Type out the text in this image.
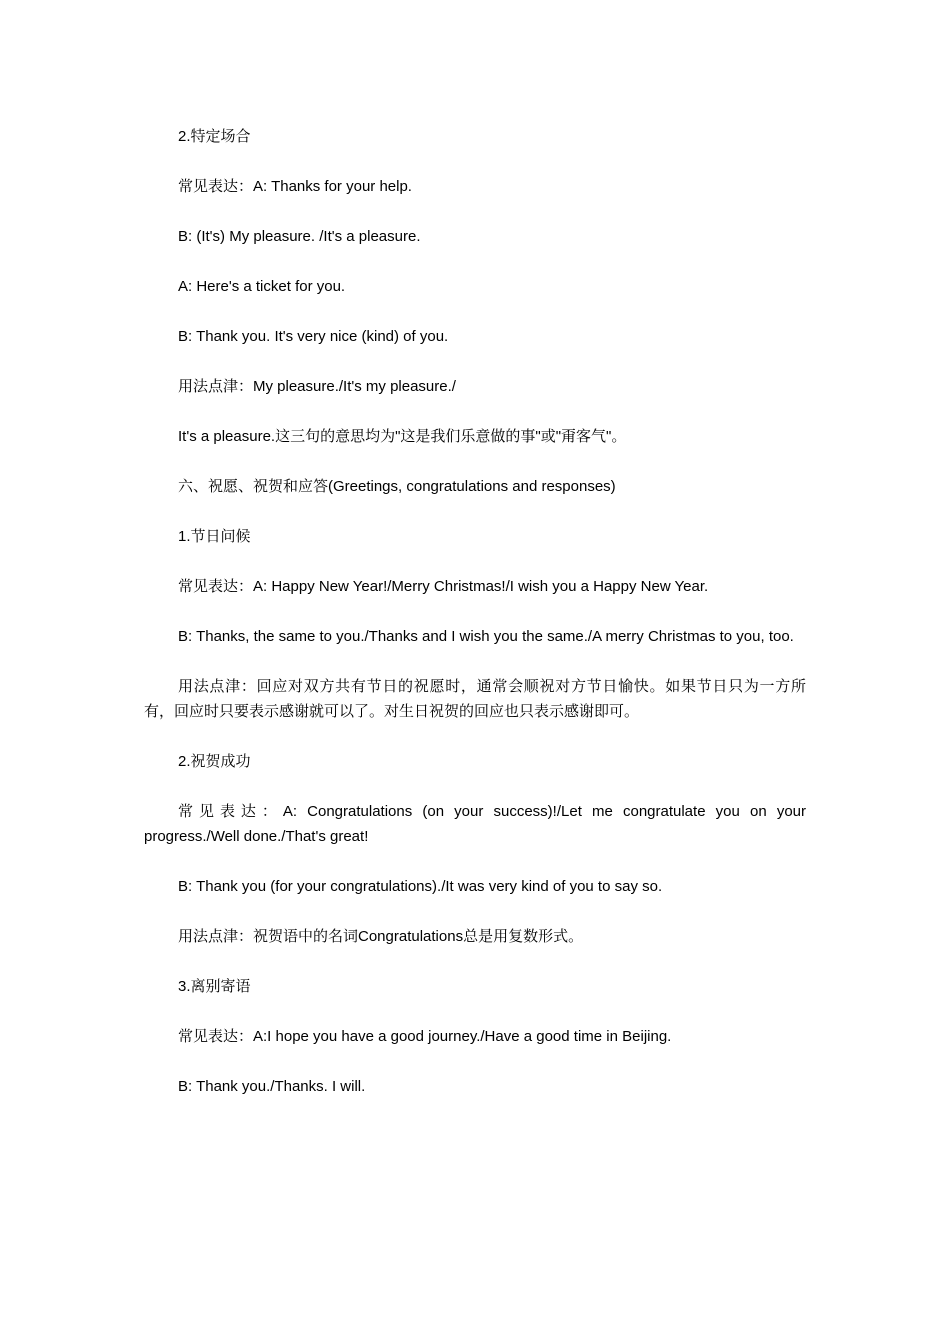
2.特定场合

常见表达：A: Thanks for your help.

B: (It's) My pleasure. /It's a pleasure.

A: Here's a ticket for you.

B: Thank you. It's very nice (kind) of you.

用法点津：My pleasure./It's my pleasure./

It's a pleasure.这三句的意思均为"这是我们乐意做的事"或"甭客气"。

六、祝愿、祝贺和应答(Greetings, congratulations and responses)

1.节日问候

常见表达：A: Happy New Year!/Merry Christmas!/I wish you a Happy New Year.

B: Thanks, the same to you./Thanks and I wish you the same./A merry Christmas to you, too.

用法点津：回应对双方共有节日的祝愿时，通常会顺祝对方节日愉快。如果节日只为一方所有，回应时只要表示感谢就可以了。对生日祝贺的回应也只表示感谢即可。

2.祝贺成功

常见表达：A: Congratulations (on your success)!/Let me congratulate you on your progress./Well done./That's great!

B: Thank you (for your congratulations)./It was very kind of you to say so.

用法点津：祝贺语中的名词Congratulations总是用复数形式。

3.离别寄语

常见表达：A:I hope you have a good journey./Have a good time in Beijing.

B: Thank you./Thanks. I will.
